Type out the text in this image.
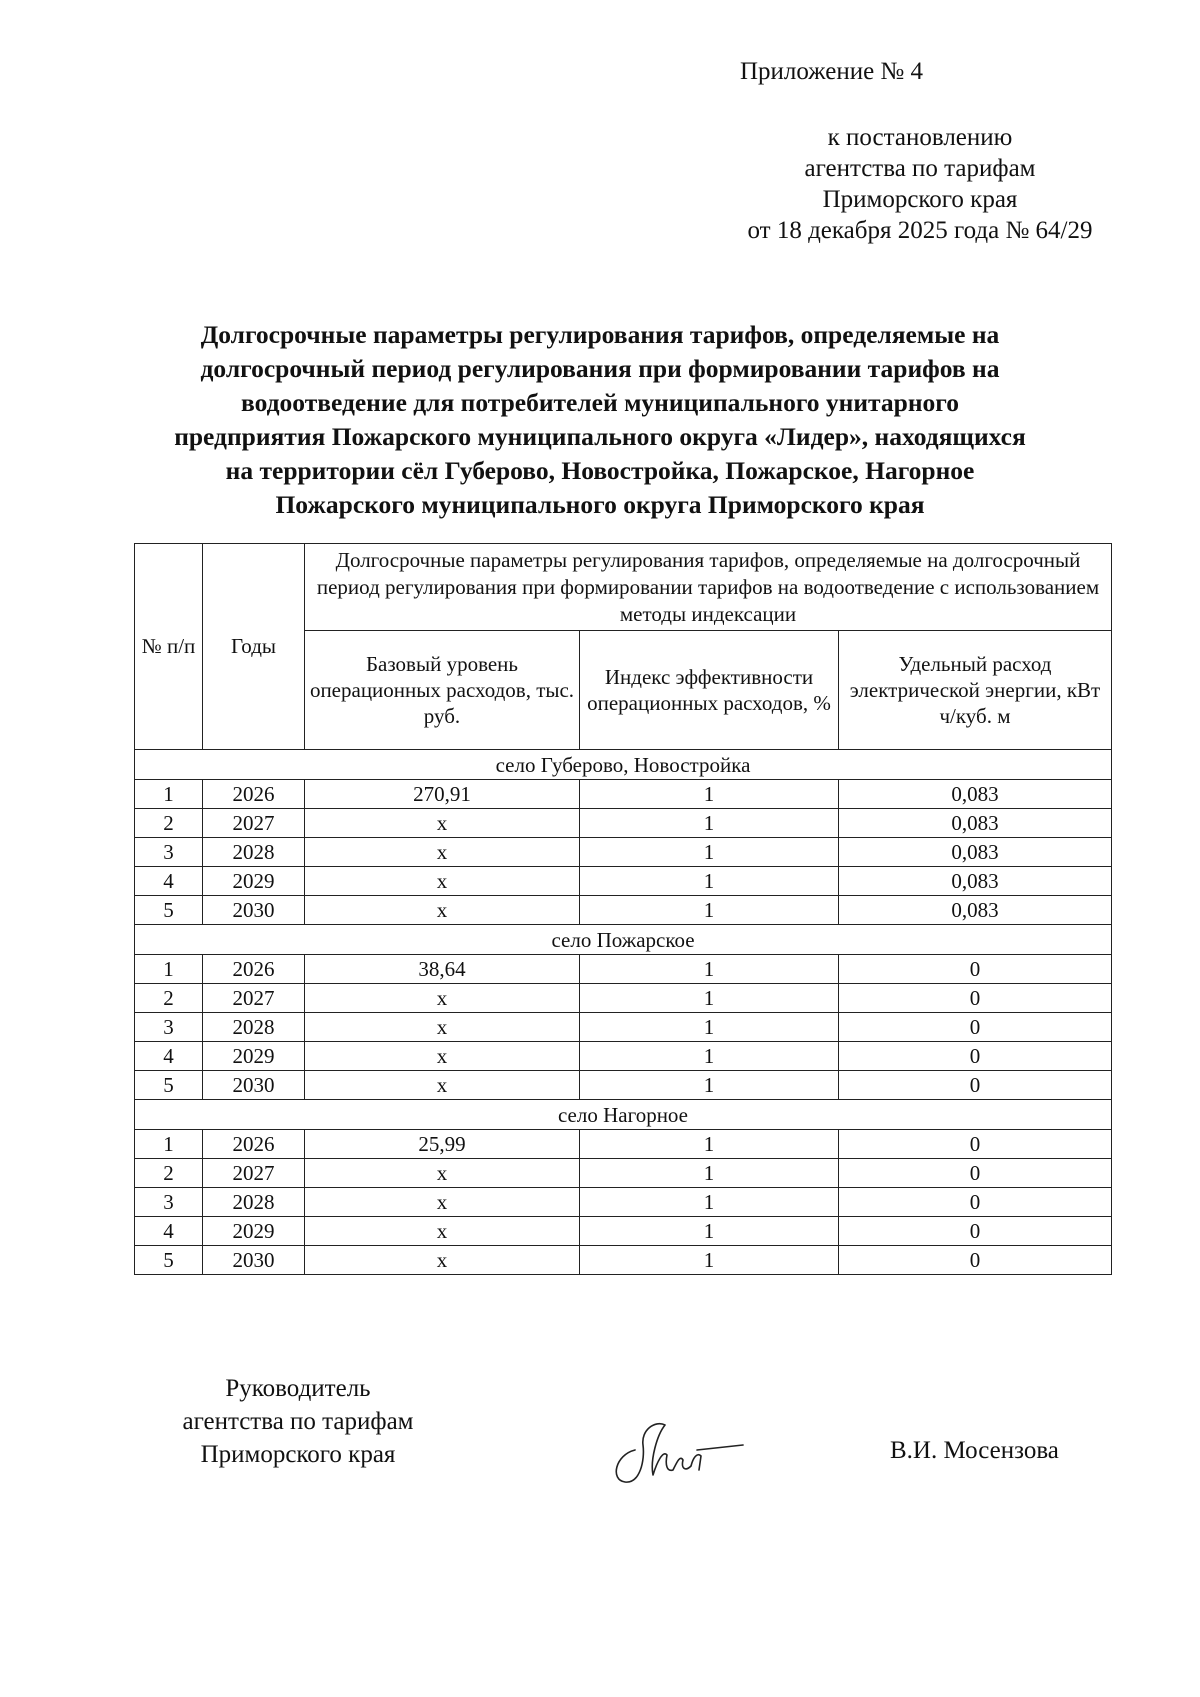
Приложение № 4
к постановлению
агентства по тарифам
Приморского края
от 18 декабря 2025 года № 64/29
Долгосрочные параметры регулирования тарифов, определяемые на
долгосрочный период регулирования при формировании тарифов на
водоотведение для потребителей муниципального унитарного
предприятия Пожарского муниципального округа «Лидер», находящихся
на территории сёл Губерово, Новостройка, Пожарское, Нагорное
Пожарского муниципального округа Приморского края
№ п/п	Годы	Долгосрочные параметры регулирования тарифов, определяемые на долгосрочный период регулирования при формировании тарифов на водоотведение с использованием методы индексации		
		Базовый уровень операционных расходов, тыс. руб.	Индекс эффективности операционных расходов, %	Удельный расход электрической энергии, кВт ч/куб. м
село Губерово, Новостройка				
1	2026	270,91	1	0,083
2	2027	х	1	0,083
3	2028	х	1	0,083
4	2029	х	1	0,083
5	2030	х	1	0,083
село Пожарское				
1	2026	38,64	1	0
2	2027	х	1	0
3	2028	х	1	0
4	2029	х	1	0
5	2030	х	1	0
село Нагорное				
1	2026	25,99	1	0
2	2027	х	1	0
3	2028	х	1	0
4	2029	х	1	0
5	2030	х	1	0
Руководитель
агентства по тарифам
Приморского края	В.И. Мосензова
